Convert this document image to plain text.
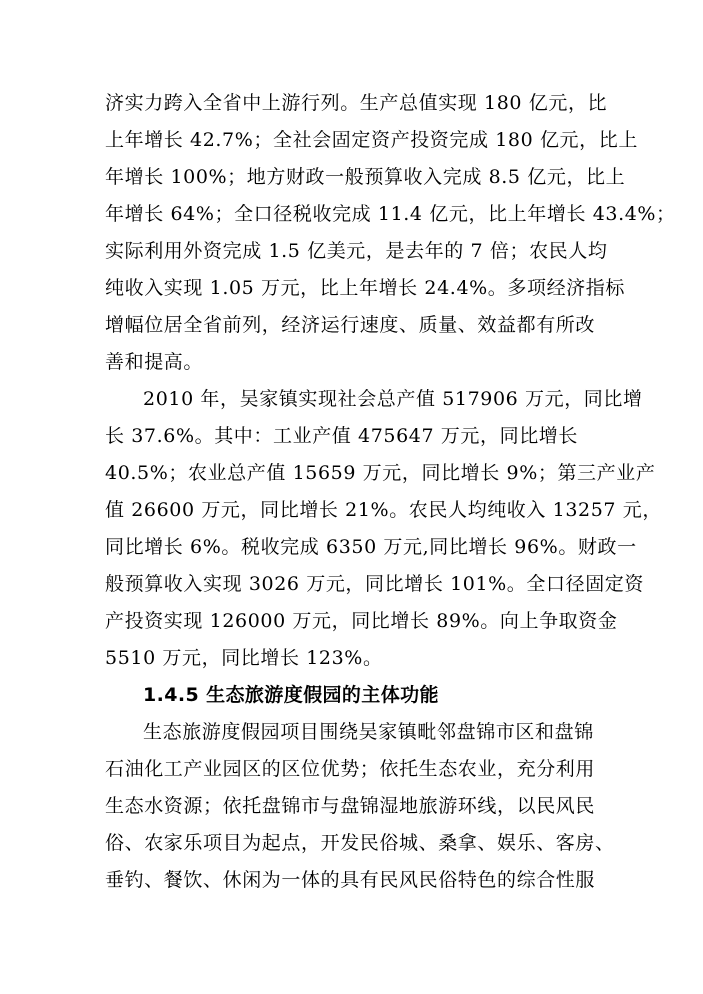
济实力跨入全省中上游行列。生产总值实现 180 亿元，比
上年增长 42.7%；全社会固定资产投资完成 180 亿元，比上
年增长 100%；地方财政一般预算收入完成 8.5 亿元，比上
年增长 64%；全口径税收完成 11.4 亿元，比上年增长 43.4%；
实际利用外资完成 1.5 亿美元，是去年的 7 倍；农民人均
纯收入实现 1.05 万元，比上年增长 24.4%。多项经济指标
增幅位居全省前列，经济运行速度、质量、效益都有所改
善和提高。
2010 年，吴家镇实现社会总产值 517906 万元，同比增
长 37.6%。其中：工业产值 475647 万元，同比增长
40.5%；农业总产值 15659 万元，同比增长 9%；第三产业产
值 26600 万元，同比增长 21%。农民人均纯收入 13257 元，
同比增长 6%。税收完成 6350 万元,同比增长 96%。财政一
般预算收入实现 3026 万元，同比增长 101%。全口径固定资
产投资实现 126000 万元，同比增长 89%。向上争取资金
5510 万元，同比增长 123%。
1.4.5 生态旅游度假园的主体功能
生态旅游度假园项目围绕吴家镇毗邻盘锦市区和盘锦
石油化工产业园区的区位优势；依托生态农业，充分利用
生态水资源；依托盘锦市与盘锦湿地旅游环线，以民风民
俗、农家乐项目为起点，开发民俗城、桑拿、娱乐、客房、
垂钓、餐饮、休闲为一体的具有民风民俗特色的综合性服
